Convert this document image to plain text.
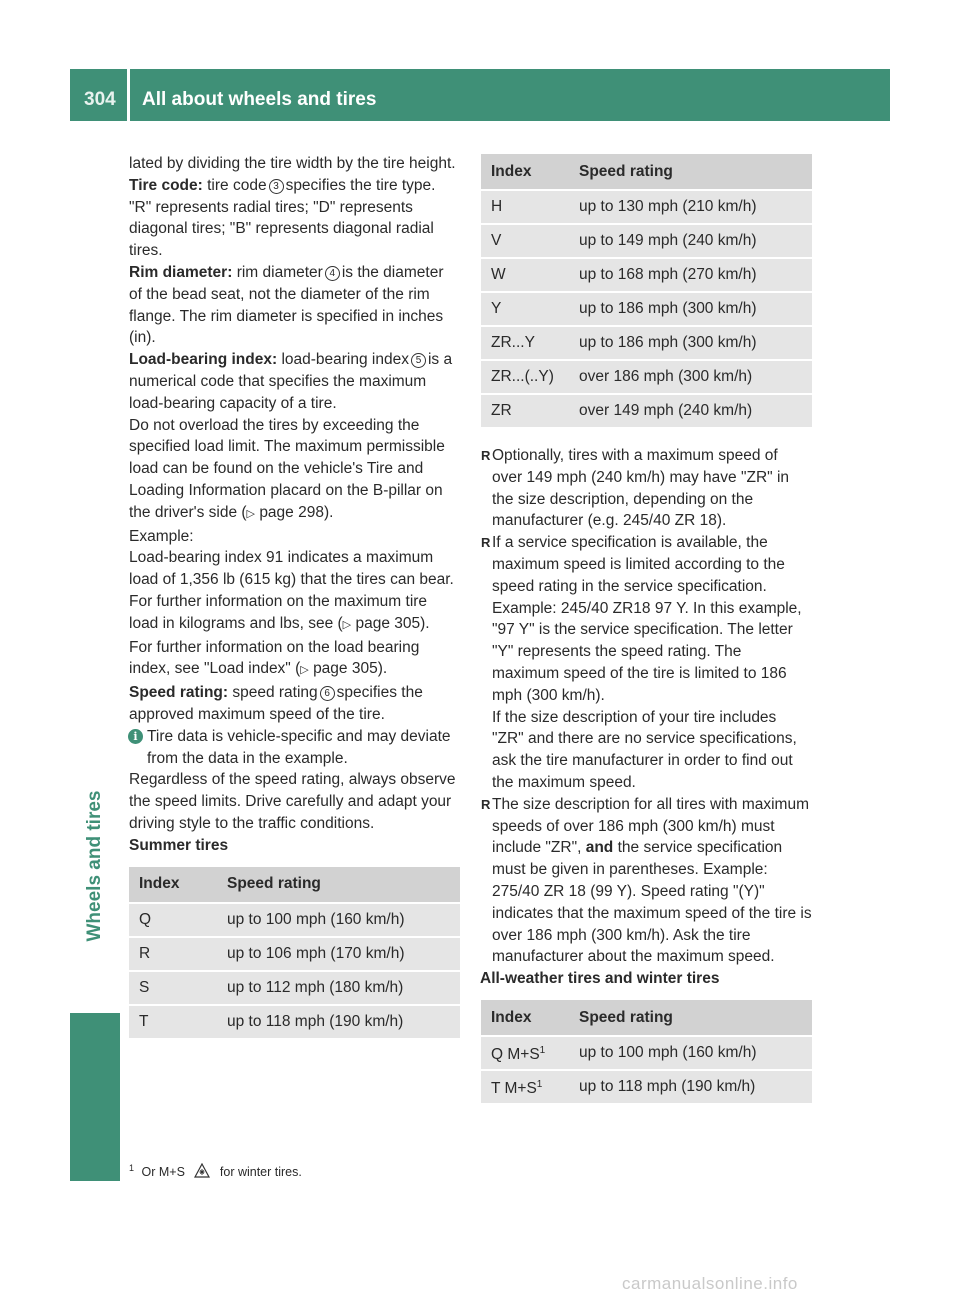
304 All about wheels and tires
Wheels and tires

lated by dividing the tire width by the tire height.

Tire code: tire code 3 specifies the tire type. "R" represents radial tires; "D" represents diagonal tires; "B" represents diagonal radial tires.

Rim diameter: rim diameter 4 is the diameter of the bead seat, not the diameter of the rim flange. The rim diameter is specified in inches (in).

Load-bearing index: load-bearing index 5 is a numerical code that specifies the maximum load-bearing capacity of a tire.

Do not overload the tires by exceeding the specified load limit. The maximum permissible load can be found on the vehicle's Tire and Loading Information placard on the B-pillar on the driver's side (▷ page 298).

Example:

Load-bearing index 91 indicates a maximum load of 1,356 lb (615 kg) that the tires can bear. For further information on the maximum tire load in kilograms and lbs, see (▷ page 305).

For further information on the load bearing index, see "Load index" (▷ page 305).

Speed rating: speed rating 6 specifies the approved maximum speed of the tire.

i Tire data is vehicle-specific and may deviate from the data in the example.

Regardless of the speed rating, always observe the speed limits. Drive carefully and adapt your driving style to the traffic conditions.

Summer tires

Index	Speed rating
Q	up to 100 mph (160 km/h)
R	up to 106 mph (170 km/h)
S	up to 112 mph (180 km/h)
T	up to 118 mph (190 km/h)
Index	Speed rating
H	up to 130 mph (210 km/h)
V	up to 149 mph (240 km/h)
W	up to 168 mph (270 km/h)
Y	up to 186 mph (300 km/h)
ZR...Y	up to 186 mph (300 km/h)
ZR...(..Y)	over 186 mph (300 km/h)
ZR	over 149 mph (240 km/h)
R Optionally, tires with a maximum speed of over 149 mph (240 km/h) may have "ZR" in the size description, depending on the manufacturer (e.g. 245/40 ZR 18).
R If a service specification is available, the maximum speed is limited according to the speed rating in the service specification. Example: 245/40 ZR18 97 Y. In this example, "97 Y" is the service specification. The letter "Y" represents the speed rating. The maximum speed of the tire is limited to 186 mph (300 km/h).
If the size description of your tire includes "ZR" and there are no service specifications, ask the tire manufacturer in order to find out the maximum speed.
R The size description for all tires with maximum speeds of over 186 mph (300 km/h) must include "ZR", and the service specification must be given in parentheses. Example: 275/40 ZR 18 (99 Y). Speed rating "(Y)" indicates that the maximum speed of the tire is over 186 mph (300 km/h). Ask the tire manufacturer about the maximum speed.

All-weather tires and winter tires

Index	Speed rating
Q $M+S^1$	up to 100 mph (160 km/h)
T $M+S^1$	up to 118 mph (190 km/h)
$^1$ Or M+S	for winter tires.
carmanualsonline.info
